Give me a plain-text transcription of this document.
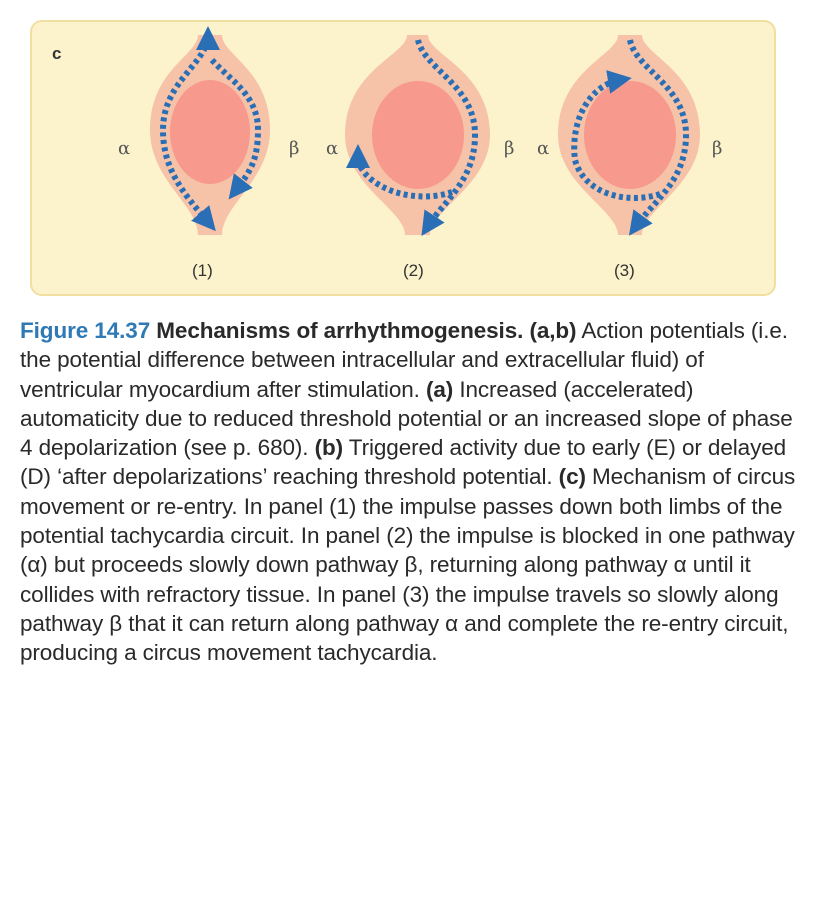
c
α	β
(1)
α	β
(2)
α	β
(3)
Figure 14.37 Mechanisms of arrhythmogenesis. (a,b) Action potentials (i.e. the potential difference between intracellular and extracellular fluid) of ventricular myocardium after stimulation. (a) Increased (accelerated) automaticity due to reduced threshold potential or an increased slope of phase 4 depolarization (see p. 680). (b) Triggered activity due to early (E) or delayed (D) ‘after depolarizations’ reaching threshold potential. (c) Mechanism of circus movement or re-entry. In panel (1) the impulse passes down both limbs of the potential tachycardia circuit. In panel (2) the impulse is blocked in one pathway (α) but proceeds slowly down pathway β, returning along pathway α until it collides with refractory tissue. In panel (3) the impulse travels so slowly along pathway β that it can return along pathway α and complete the re-entry circuit, producing a circus movement tachycardia.
